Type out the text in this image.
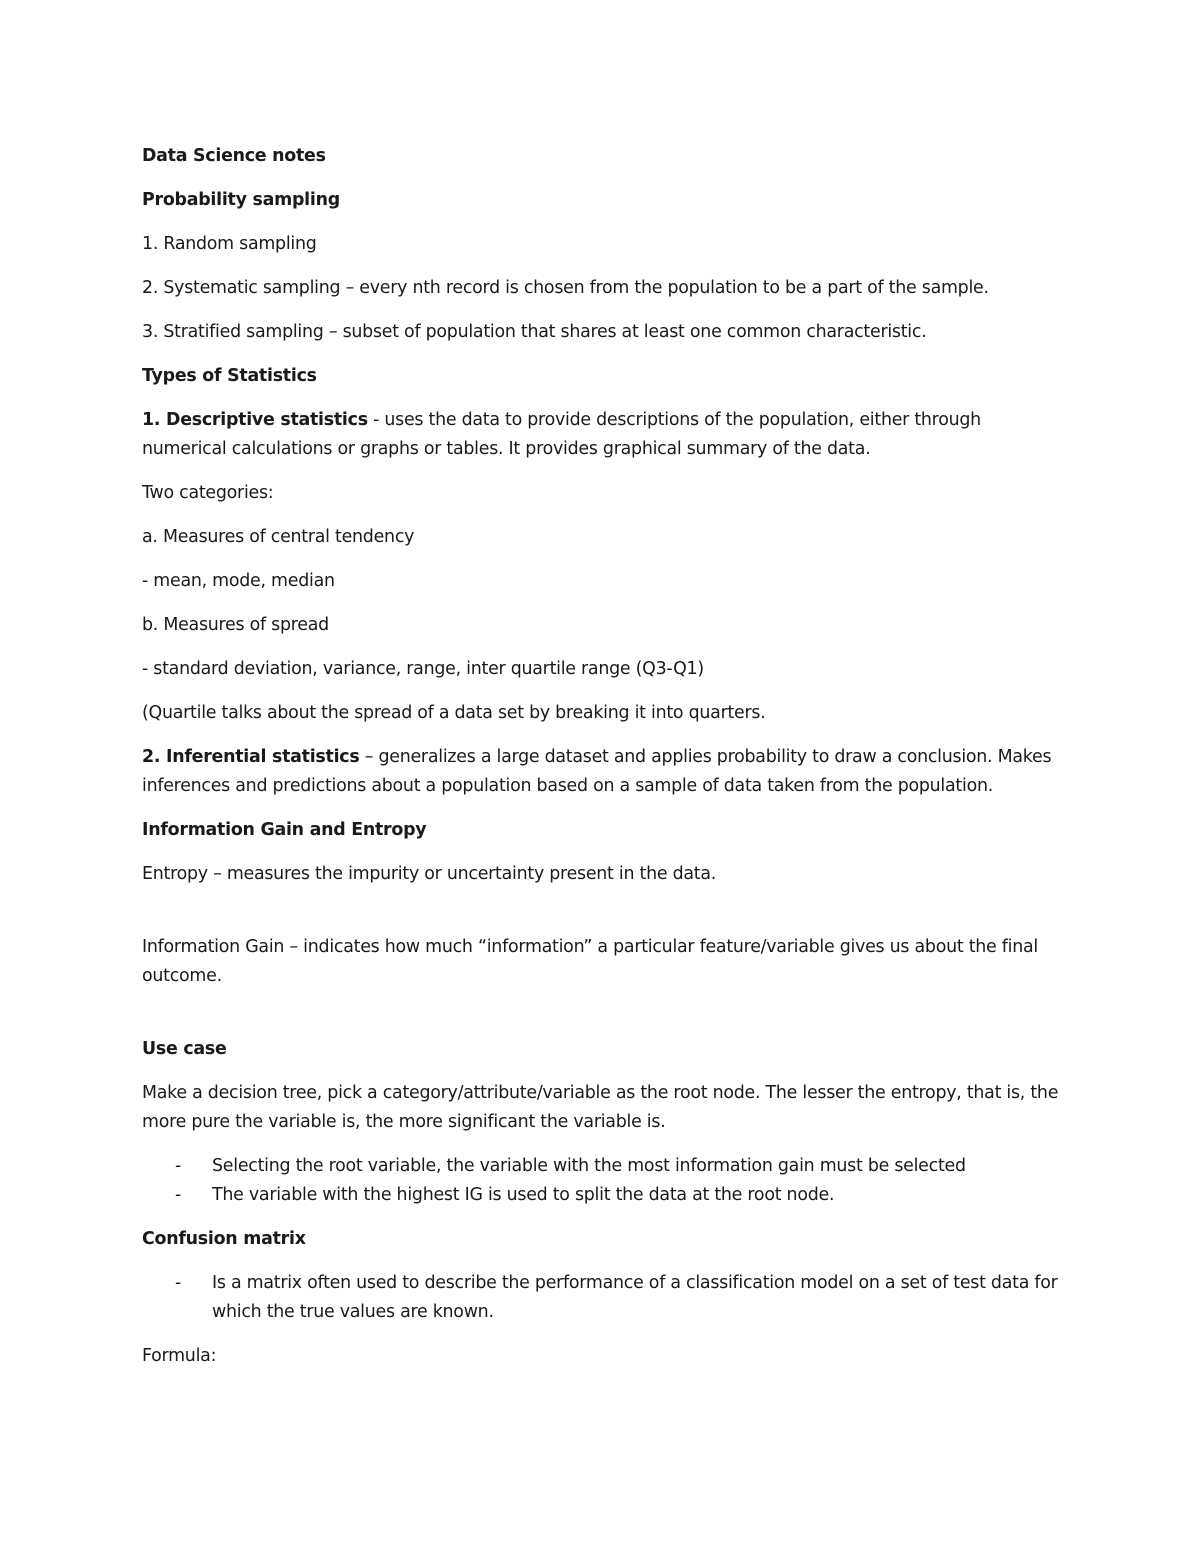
Data Science notes
Probability sampling
1. Random sampling
2. Systematic sampling – every nth record is chosen from the population to be a part of the sample.
3. Stratified sampling – subset of population that shares at least one common characteristic.
Types of Statistics
1. Descriptive statistics - uses the data to provide descriptions of the population, either through numerical calculations or graphs or tables. It provides graphical summary of the data.
Two categories:
a. Measures of central tendency
- mean, mode, median
b. Measures of spread
- standard deviation, variance, range, inter quartile range (Q3-Q1)
(Quartile talks about the spread of a data set by breaking it into quarters.
2. Inferential statistics – generalizes a large dataset and applies probability to draw a conclusion. Makes inferences and predictions about a population based on a sample of data taken from the population.
Information Gain and Entropy
Entropy – measures the impurity or uncertainty present in the data.
Information Gain – indicates how much “information” a particular feature/variable gives us about the final outcome.
Use case
Make a decision tree, pick a category/attribute/variable as the root node. The lesser the entropy, that is, the more pure the variable is, the more significant the variable is.
- Selecting the root variable, the variable with the most information gain must be selected
- The variable with the highest IG is used to split the data at the root node.
Confusion matrix
- Is a matrix often used to describe the performance of a classification model on a set of test data for which the true values are known.
Formula:
